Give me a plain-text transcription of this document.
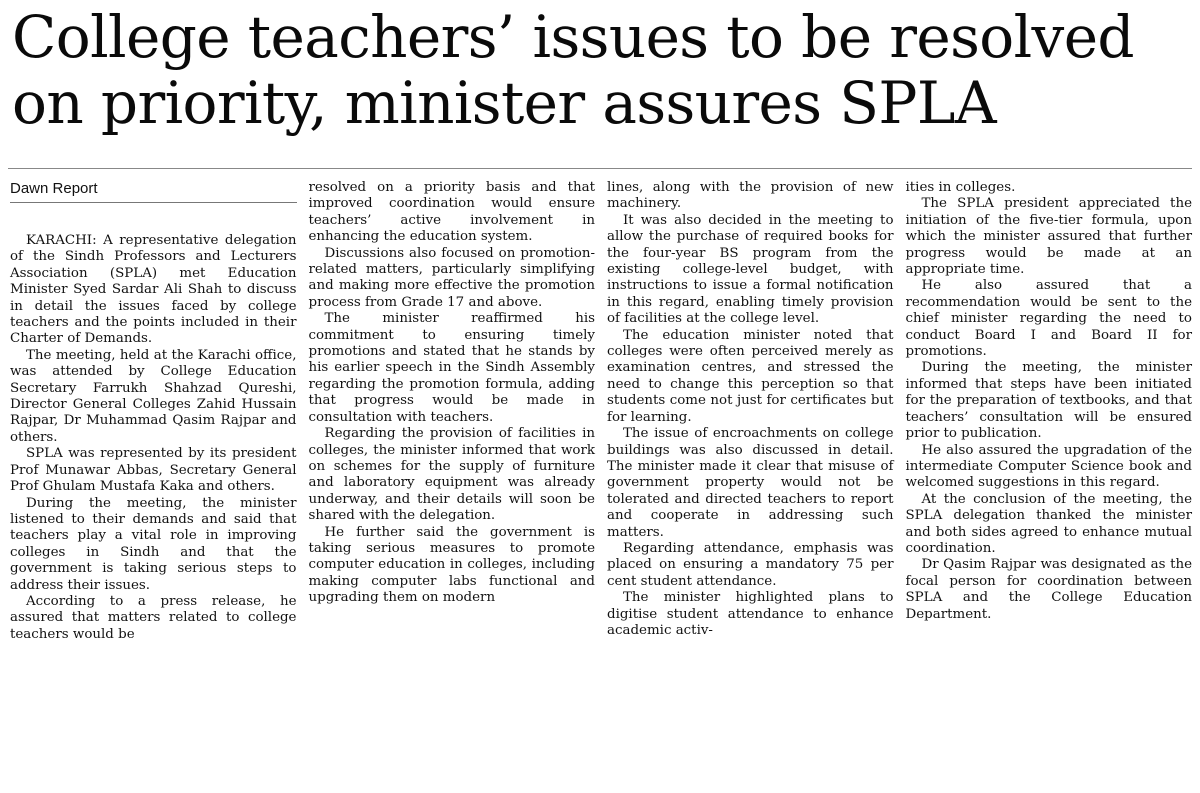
College teachers’ issues to be resolved on priority, minister assures SPLA
Dawn Report

KARACHI: A representative delegation of the Sindh Professors and Lecturers Association (SPLA) met Education Minister Syed Sardar Ali Shah to discuss in detail the issues faced by college teachers and the points included in their Charter of Demands.

The meeting, held at the Karachi office, was attended by College Education Secretary Farrukh Shahzad Qureshi, Director General Colleges Zahid Hussain Rajpar, Dr Muhammad Qasim Rajpar and others.

SPLA was represented by its president Prof Munawar Abbas, Secretary General Prof Ghulam Mustafa Kaka and others.

During the meeting, the minister listened to their demands and said that teachers play a vital role in improving colleges in Sindh and that the government is taking serious steps to address their issues.

According to a press release, he assured that matters related to college teachers would be

resolved on a priority basis and that improved coordination would ensure teachers’ active involvement in enhancing the education system.

Discussions also focused on promotion-related matters, particularly simplifying and making more effective the promotion process from Grade 17 and above.

The minister reaffirmed his commitment to ensuring timely promotions and stated that he stands by his earlier speech in the Sindh Assembly regarding the promotion formula, adding that progress would be made in consultation with teachers.

Regarding the provision of facilities in colleges, the minister informed that work on schemes for the supply of furniture and laboratory equipment was already underway, and their details will soon be shared with the delegation.

He further said the government is taking serious measures to promote computer education in colleges, including making computer labs functional and upgrading them on modern

lines, along with the provision of new machinery.

It was also decided in the meeting to allow the purchase of required books for the four-year BS program from the existing college-level budget, with instructions to issue a formal notification in this regard, enabling timely provision of facilities at the college level.

The education minister noted that colleges were often perceived merely as examination centres, and stressed the need to change this perception so that students come not just for certificates but for learning.

The issue of encroachments on college buildings was also discussed in detail. The minister made it clear that misuse of government property would not be tolerated and directed teachers to report and cooperate in addressing such matters.

Regarding attendance, emphasis was placed on ensuring a mandatory 75 per cent student attendance.

The minister highlighted plans to digitise student attendance to enhance academic activ-

ities in colleges.

The SPLA president appreciated the initiation of the five-tier formula, upon which the minister assured that further progress would be made at an appropriate time.

He also assured that a recommendation would be sent to the chief minister regarding the need to conduct Board I and Board II for promotions.

During the meeting, the minister informed that steps have been initiated for the preparation of textbooks, and that teachers’ consultation will be ensured prior to publication.

He also assured the upgradation of the intermediate Computer Science book and welcomed suggestions in this regard.

At the conclusion of the meeting, the SPLA delegation thanked the minister and both sides agreed to enhance mutual coordination.

Dr Qasim Rajpar was designated as the focal person for coordination between SPLA and the College Education Department.
